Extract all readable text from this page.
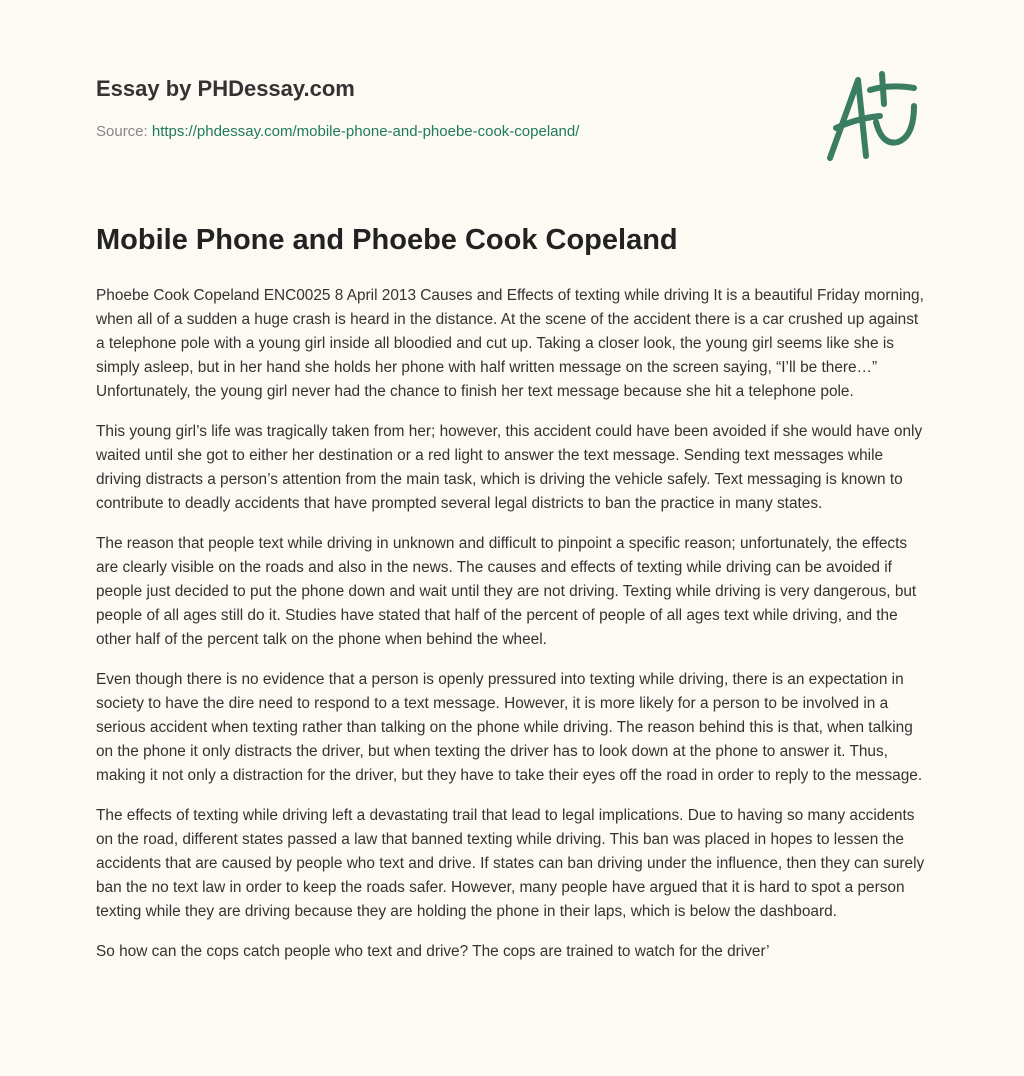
Essay by PHDessay.com

Source: https://phdessay.com/mobile-phone-and-phoebe-cook-copeland/
Mobile Phone and Phoebe Cook Copeland

Phoebe Cook Copeland ENC0025 8 April 2013 Causes and Effects of texting while driving It is a beautiful Friday morning, when all of a sudden a huge crash is heard in the distance. At the scene of the accident there is a car crushed up against a telephone pole with a young girl inside all bloodied and cut up. Taking a closer look, the young girl seems like she is simply asleep, but in her hand she holds her phone with half written message on the screen saying, “I’ll be there…” Unfortunately, the young girl never had the chance to finish her text message because she hit a telephone pole.

This young girl’s life was tragically taken from her; however, this accident could have been avoided if she would have only waited until she got to either her destination or a red light to answer the text message. Sending text messages while driving distracts a person’s attention from the main task, which is driving the vehicle safely. Text messaging is known to contribute to deadly accidents that have prompted several legal districts to ban the practice in many states.

The reason that people text while driving in unknown and difficult to pinpoint a specific reason; unfortunately, the effects are clearly visible on the roads and also in the news. The causes and effects of texting while driving can be avoided if people just decided to put the phone down and wait until they are not driving. Texting while driving is very dangerous, but people of all ages still do it. Studies have stated that half of the percent of people of all ages text while driving, and the other half of the percent talk on the phone when behind the wheel.

Even though there is no evidence that a person is openly pressured into texting while driving, there is an expectation in society to have the dire need to respond to a text message. However, it is more likely for a person to be involved in a serious accident when texting rather than talking on the phone while driving. The reason behind this is that, when talking on the phone it only distracts the driver, but when texting the driver has to look down at the phone to answer it. Thus, making it not only a distraction for the driver, but they have to take their eyes off the road in order to reply to the message.

The effects of texting while driving left a devastating trail that lead to legal implications. Due to having so many accidents on the road, different states passed a law that banned texting while driving. This ban was placed in hopes to lessen the accidents that are caused by people who text and drive. If states can ban driving under the influence, then they can surely ban the no text law in order to keep the roads safer. However, many people have argued that it is hard to spot a person texting while they are driving because they are holding the phone in their laps, which is below the dashboard.

So how can the cops catch people who text and drive? The cops are trained to watch for the driver’
